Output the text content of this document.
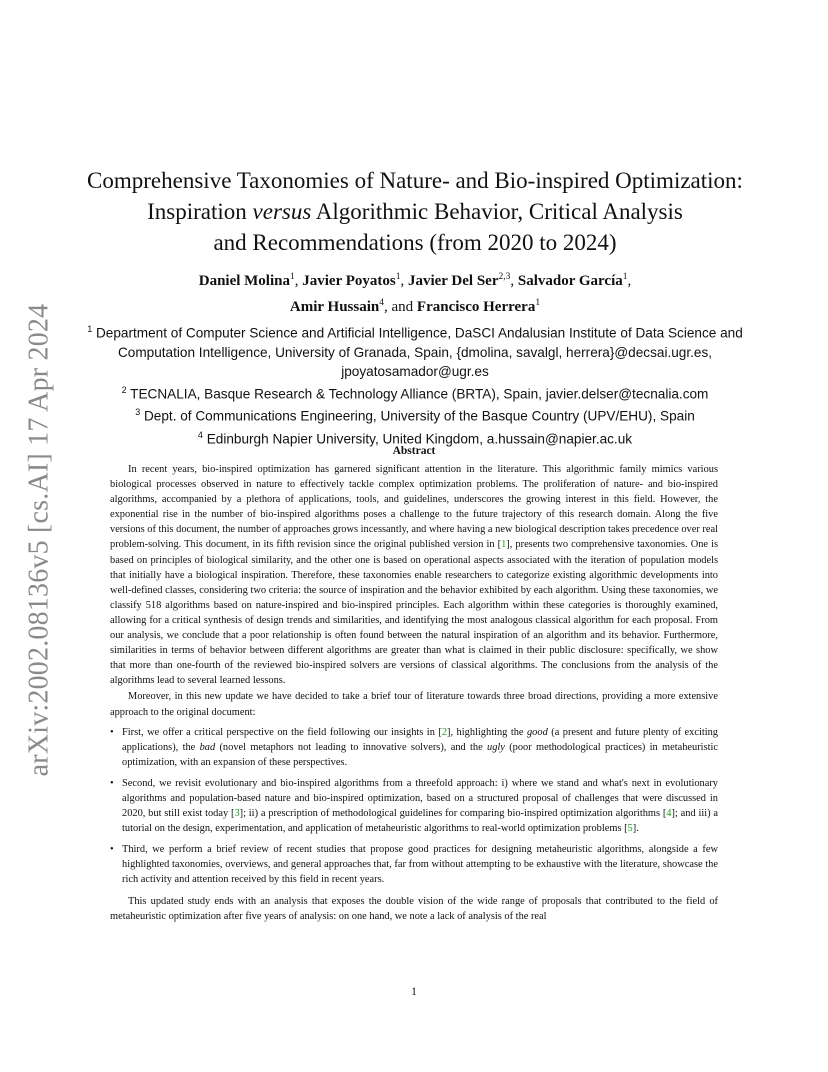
arXiv:2002.08136v5 [cs.AI] 17 Apr 2024
Comprehensive Taxonomies of Nature- and Bio-inspired Optimization:
Inspiration versus Algorithmic Behavior, Critical Analysis
and Recommendations (from 2020 to 2024)
Daniel Molina$^1$, Javier Poyatos$^1$, Javier Del Ser$^{2,3}$, Salvador García$^1$,
Amir Hussain$^4$, and Francisco Herrera$^1$
$^1$ Department of Computer Science and Artificial Intelligence, DaSCI Andalusian Institute of Data Science and Computation Intelligence, University of Granada, Spain, {dmolina, savalgl, herrera}@decsai.ugr.es, jpoyatosamador@ugr.es
$^2$ TECNALIA, Basque Research & Technology Alliance (BRTA), Spain, javier.delser@tecnalia.com
$^3$ Dept. of Communications Engineering, University of the Basque Country (UPV/EHU), Spain
$^4$ Edinburgh Napier University, United Kingdom, a.hussain@napier.ac.uk
Abstract

In recent years, bio-inspired optimization has garnered significant attention in the literature. This algorithmic family mimics various biological processes observed in nature to effectively tackle complex optimization problems. The proliferation of nature- and bio-inspired algorithms, accompanied by a plethora of applications, tools, and guidelines, underscores the growing interest in this field. However, the exponential rise in the number of bio-inspired algorithms poses a challenge to the future trajectory of this research domain. Along the five versions of this document, the number of approaches grows incessantly, and where having a new biological description takes precedence over real problem-solving. This document, in its fifth revision since the original published version in [1], presents two comprehensive taxonomies. One is based on principles of biological similarity, and the other one is based on operational aspects associated with the iteration of population models that initially have a biological inspiration. Therefore, these taxonomies enable researchers to categorize existing algorithmic developments into well-defined classes, considering two criteria: the source of inspiration and the behavior exhibited by each algorithm. Using these taxonomies, we classify 518 algorithms based on nature-inspired and bio-inspired principles. Each algorithm within these categories is thoroughly examined, allowing for a critical synthesis of design trends and similarities, and identifying the most analogous classical algorithm for each proposal. From our analysis, we conclude that a poor relationship is often found between the natural inspiration of an algorithm and its behavior. Furthermore, similarities in terms of behavior between different algorithms are greater than what is claimed in their public disclosure: specifically, we show that more than one-fourth of the reviewed bio-inspired solvers are versions of classical algorithms. The conclusions from the analysis of the algorithms lead to several learned lessons.

Moreover, in this new update we have decided to take a brief tour of literature towards three broad directions, providing a more extensive approach to the original document:

• First, we offer a critical perspective on the field following our insights in [2], highlighting the good (a present and future plenty of exciting applications), the bad (novel metaphors not leading to innovative solvers), and the ugly (poor methodological practices) in metaheuristic optimization, with an expansion of these perspectives.
• Second, we revisit evolutionary and bio-inspired algorithms from a threefold approach: i) where we stand and what's next in evolutionary algorithms and population-based nature and bio-inspired optimization, based on a structured proposal of challenges that were discussed in 2020, but still exist today [3]; ii) a prescription of methodological guidelines for comparing bio-inspired optimization algorithms [4]; and iii) a tutorial on the design, experimentation, and application of metaheuristic algorithms to real-world optimization problems [5].
• Third, we perform a brief review of recent studies that propose good practices for designing metaheuristic algorithms, alongside a few highlighted taxonomies, overviews, and general approaches that, far from without attempting to be exhaustive with the literature, showcase the rich activity and attention received by this field in recent years.

This updated study ends with an analysis that exposes the double vision of the wide range of proposals that contributed to the field of metaheuristic optimization after five years of analysis: on one hand, we note a lack of analysis of the real

1
